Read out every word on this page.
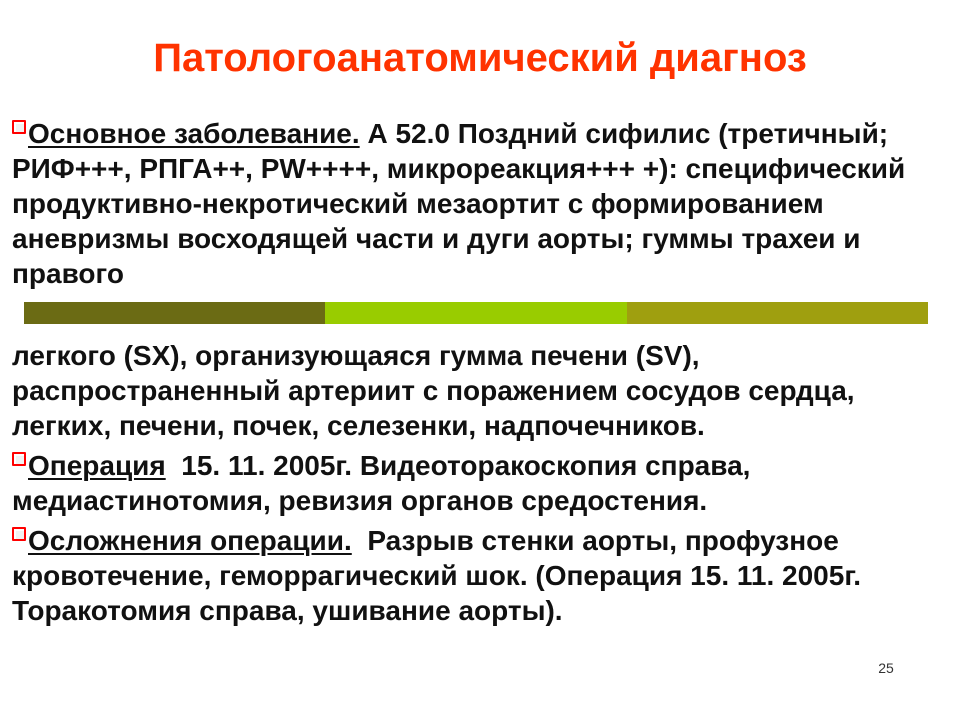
Патологоанатомический диагноз

Основное заболевание. А 52.0 Поздний сифилис (третичный; РИФ+++, РПГА++, PW++++, микрореакция+++ +): специфический продуктивно-некротический мезаортит с формированием аневризмы восходящей части и дуги аорты; гуммы трахеи и правого

легкого (SX), организующаяся гумма печени (SV), распространенный артериит с поражением сосудов сердца, легких, печени, почек, селезенки, надпочечников.

Операция 15. 11. 2005г. Видеоторакоскопия справа, медиастинотомия, ревизия органов средостения.

Осложнения операции. Разрыв стенки аорты, профузное кровотечение, геморрагический шок. (Операция 15. 11. 2005г. Торакотомия справа, ушивание аорты).

25
